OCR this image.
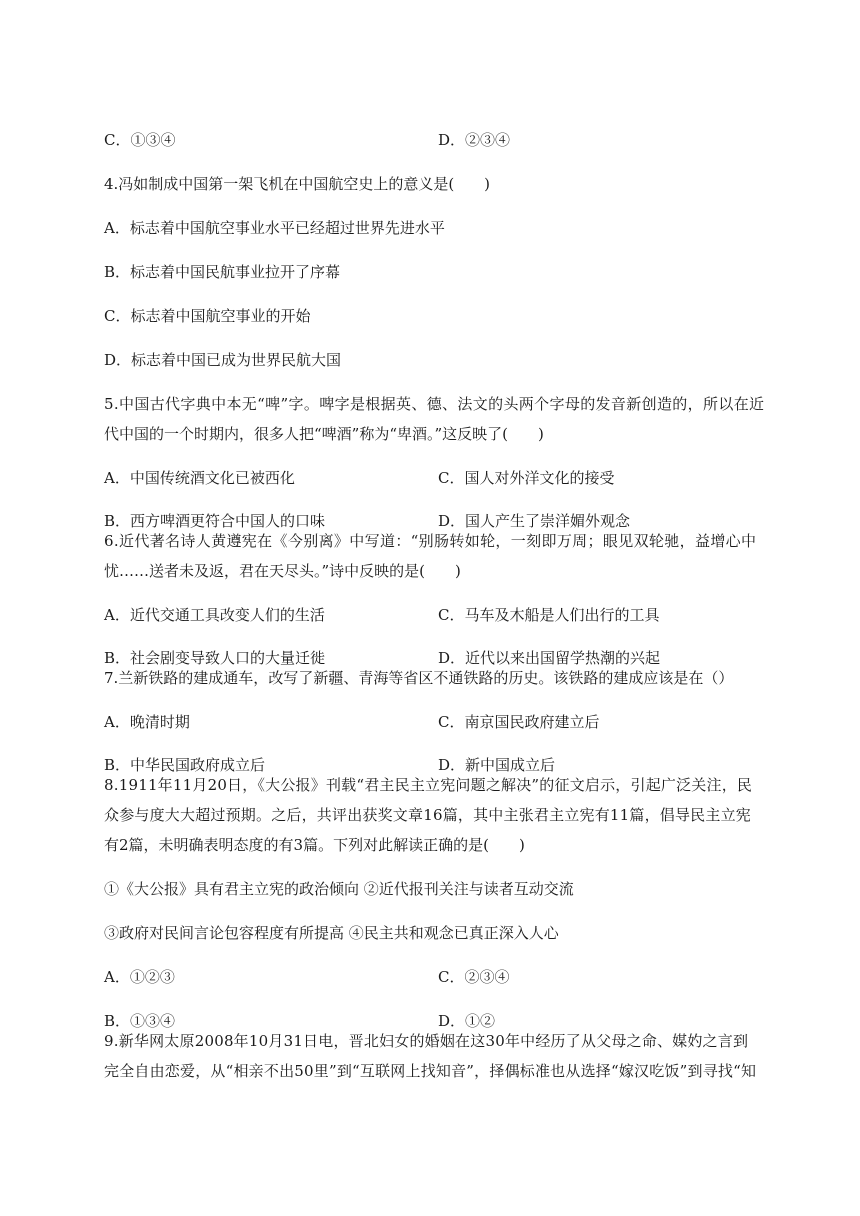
C．①③④	D．②③④
4.冯如制成中国第一架飞机在中国航空史上的意义是(　　)
A．标志着中国航空事业水平已经超过世界先进水平
B．标志着中国民航事业拉开了序幕
C．标志着中国航空事业的开始
D．标志着中国已成为世界民航大国
5.中国古代字典中本无“啤”字。啤字是根据英、德、法文的头两个字母的发音新创造的，所以在近
代中国的一个时期内，很多人把“啤酒”称为“卑酒。”这反映了(　　)
A．中国传统酒文化已被西化	C．国人对外洋文化的接受
B．西方啤酒更符合中国人的口味	D．国人产生了崇洋媚外观念
6.近代著名诗人黄遵宪在《今别离》中写道：“别肠转如轮，一刻即万周；眼见双轮驰，益增心中
忧……送者未及返，君在天尽头。”诗中反映的是(　　)
A．近代交通工具改变人们的生活	C．马车及木船是人们出行的工具
B．社会剧变导致人口的大量迁徙	D．近代以来出国留学热潮的兴起
7.兰新铁路的建成通车，改写了新疆、青海等省区不通铁路的历史。该铁路的建成应该是在（）
A．晚清时期	C．南京国民政府建立后
B．中华民国政府成立后	D．新中国成立后
8.1911年11月20日，《大公报》刊载“君主民主立宪问题之解决”的征文启示，引起广泛关注，民
众参与度大大超过预期。之后，共评出获奖文章16篇，其中主张君主立宪有11篇，倡导民主立宪
有2篇，未明确表明态度的有3篇。下列对此解读正确的是(　　)
①《大公报》具有君主立宪的政治倾向 ②近代报刊关注与读者互动交流
③政府对民间言论包容程度有所提高 ④民主共和观念已真正深入人心
A．①②③	C．②③④
B．①③④	D．①②
9.新华网太原2008年10月31日电，晋北妇女的婚姻在这30年中经历了从父母之命、媒妁之言到
完全自由恋爱，从“相亲不出50里”到“互联网上找知音”，择偶标准也从选择“嫁汉吃饭”到寻找“知
